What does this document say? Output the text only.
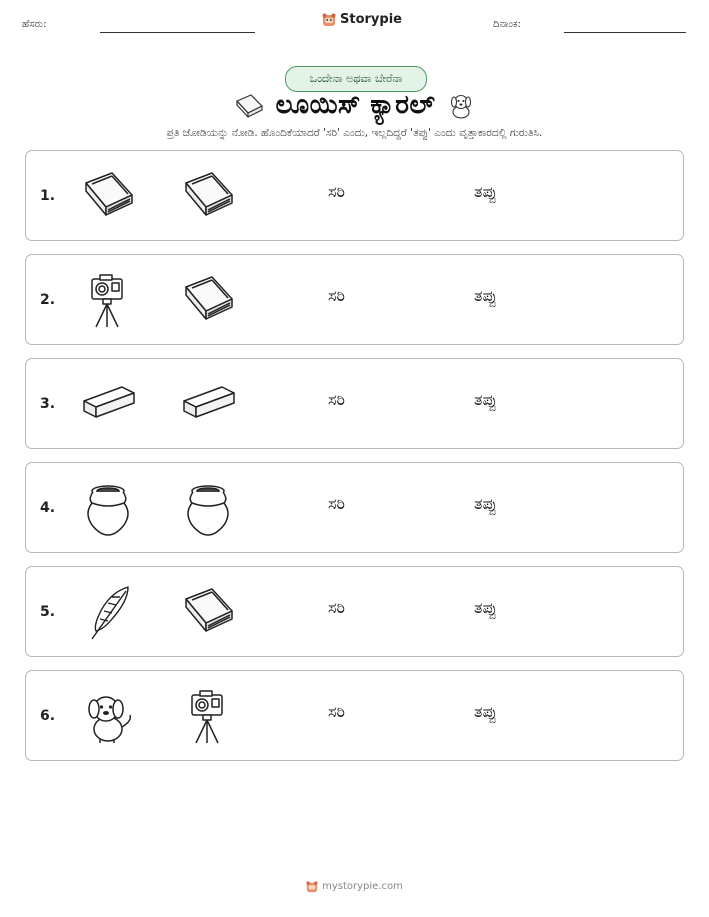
ಹೆಸರು:	Storypie	ದಿನಾಂಕ:
ಒಂದೇನಾ ಅಥವಾ ಬೇರೆನಾ
ಲೂಯಿಸ್ ಕ್ಯಾರಲ್
ಪ್ರತಿ ಜೋಡಿಯನ್ನು ನೋಡಿ. ಹೊಂದಿಕೆಯಾದರೆ 'ಸರಿ' ಎಂದು, ಇಲ್ಲದಿದ್ದರೆ 'ತಪ್ಪು' ಎಂದು ವೃತ್ತಾಕಾರದಲ್ಲಿ ಗುರುತಿಸಿ.
1.	ಸರಿ	ತಪ್ಪು
2.	ಸರಿ	ತಪ್ಪು
3.	ಸರಿ	ತಪ್ಪು
4.	ಸರಿ	ತಪ್ಪು
5.	ಸರಿ	ತಪ್ಪು
6.	ಸರಿ	ತಪ್ಪು
mystorypie.com
